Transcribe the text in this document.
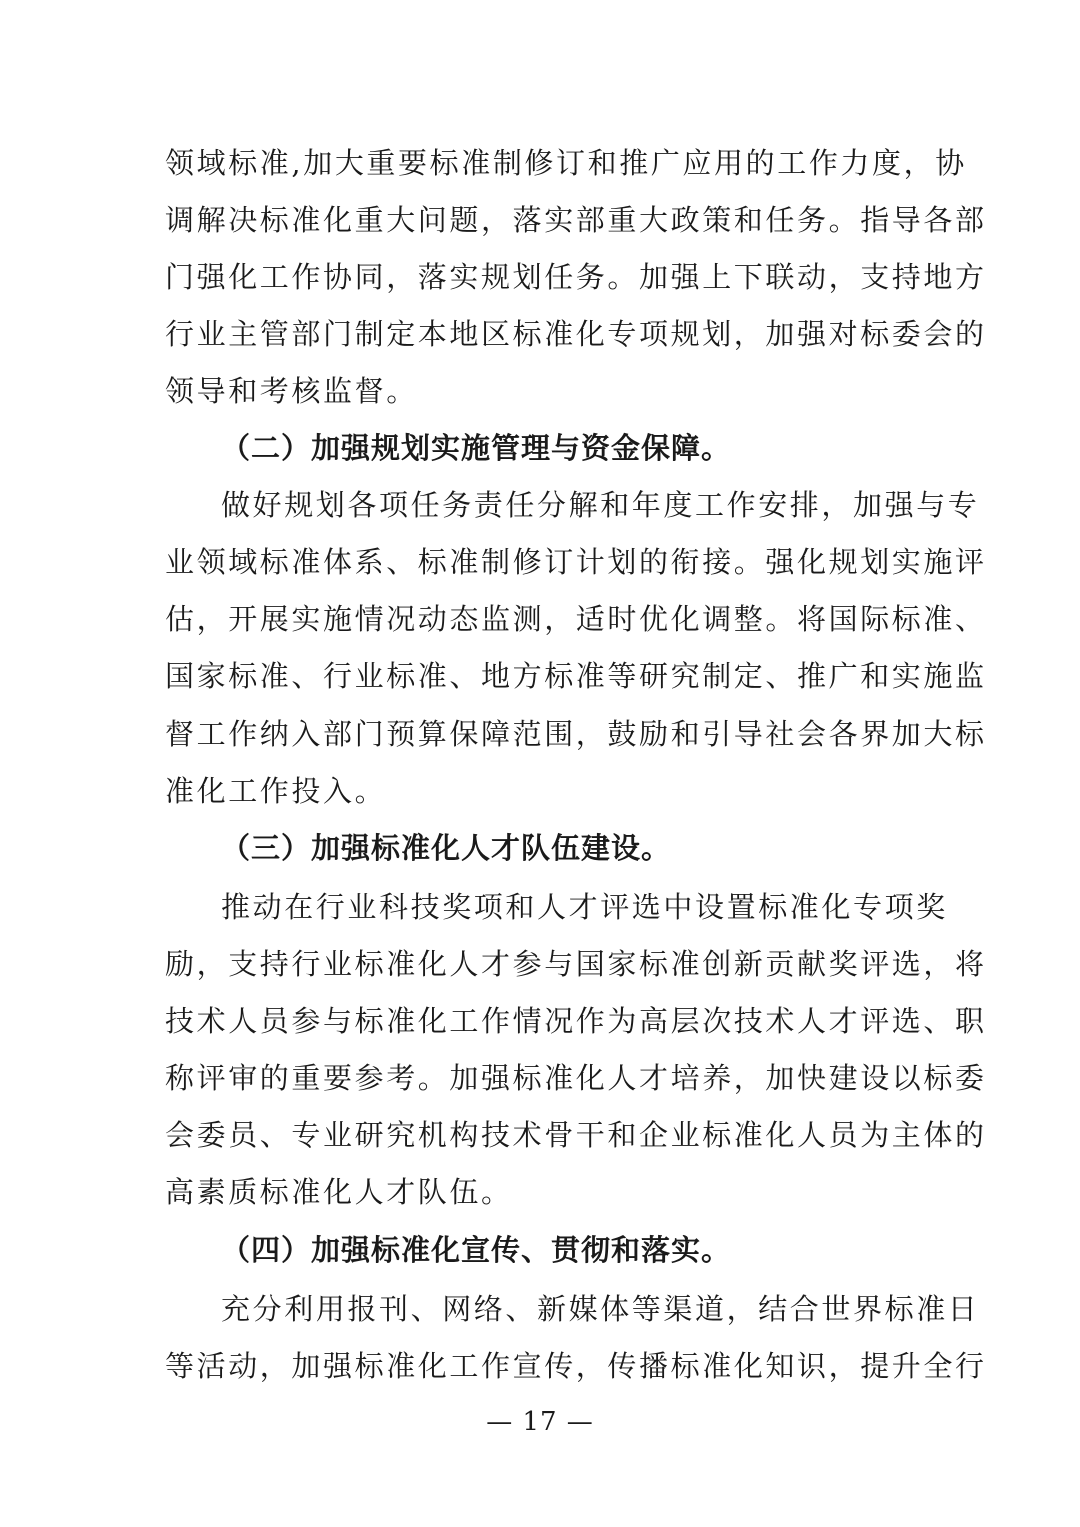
领域标准,加大重要标准制修订和推广应用的工作力度，协
调解决标准化重大问题，落实部重大政策和任务。指导各部
门强化工作协同，落实规划任务。加强上下联动，支持地方
行业主管部门制定本地区标准化专项规划，加强对标委会的
领导和考核监督。
（二）加强规划实施管理与资金保障。
做好规划各项任务责任分解和年度工作安排，加强与专
业领域标准体系、标准制修订计划的衔接。强化规划实施评
估，开展实施情况动态监测，适时优化调整。将国际标准、
国家标准、行业标准、地方标准等研究制定、推广和实施监
督工作纳入部门预算保障范围，鼓励和引导社会各界加大标
准化工作投入。
（三）加强标准化人才队伍建设。
推动在行业科技奖项和人才评选中设置标准化专项奖
励，支持行业标准化人才参与国家标准创新贡献奖评选，将
技术人员参与标准化工作情况作为高层次技术人才评选、职
称评审的重要参考。加强标准化人才培养，加快建设以标委
会委员、专业研究机构技术骨干和企业标准化人员为主体的
高素质标准化人才队伍。
（四）加强标准化宣传、贯彻和落实。
充分利用报刊、网络、新媒体等渠道，结合世界标准日
等活动，加强标准化工作宣传，传播标准化知识，提升全行
— 17 —
